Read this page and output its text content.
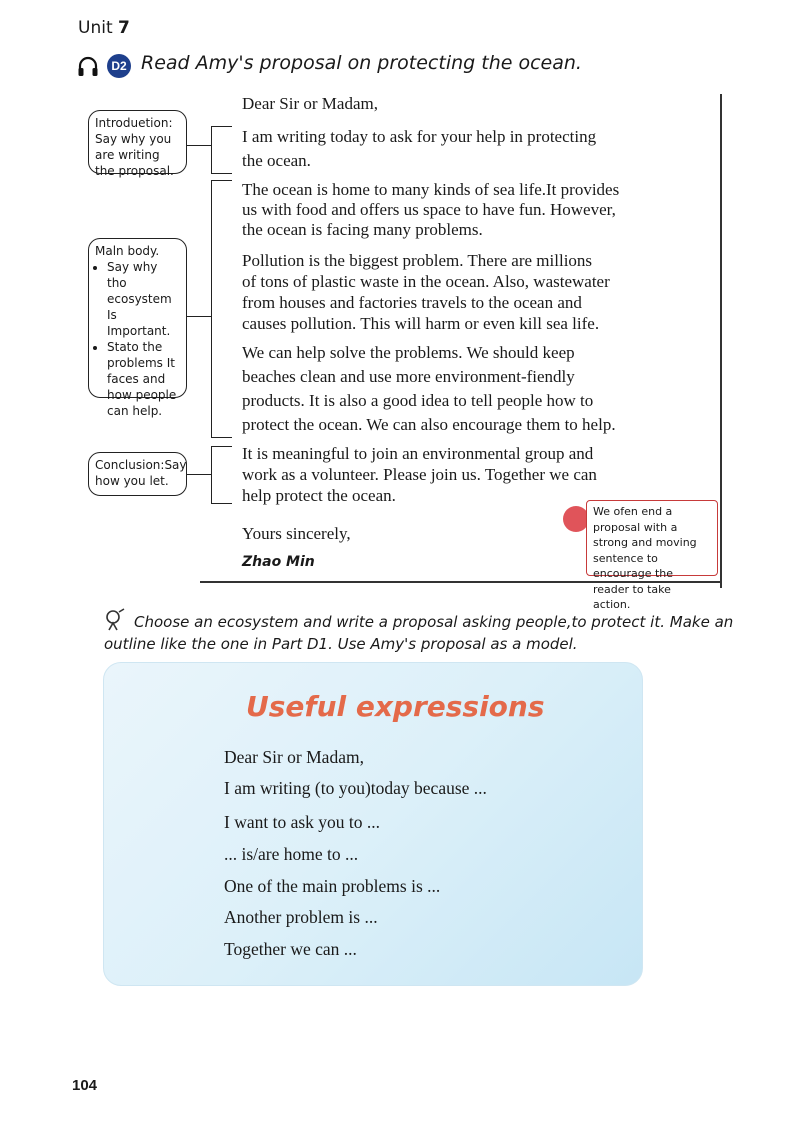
Unit 7
D2 Read Amy's proposal on protecting the ocean.
Introduetion: Say why you are writing the proposal.
Maln body.
• Say why tho ecosystem Is Important.
• Stato the problems It faces and how people can help.
Conclusion:Say how you let.
Dear Sir or Madam,
I am writing today to ask for your help in protecting
the ocean.
The ocean is home to many kinds of sea life.It provides
us with food and offers us space to have fun. However,
the ocean is facing many problems.
Pollution is the biggest problem. There are millions
of tons of plastic waste in the ocean. Also, wastewater
from houses and factories travels to the ocean and
causes pollution. This will harm or even kill sea life.
We can help solve the problems. We should keep
beaches clean and use more environment-fiendly
products. It is also a good idea to tell people how to
protect the ocean. We can also encourage them to help.
It is meaningful to join an environmental group and
work as a volunteer. Please join us. Together we can
help protect the ocean.
Yours sincerely,
Zhao Min
We ofen end a proposal with a strong and moving sentence to encourage the reader to take action.
Choose an ecosystem and write a proposal asking people,to protect it. Make an outline like the one in Part D1. Use Amy's proposal as a model.
Useful expressions
Dear Sir or Madam,
I am writing (to you)today because ...
I want to ask you to ...
... is/are home to ...
One of the main problems is ...
Another problem is ...
Together we can ...
104
